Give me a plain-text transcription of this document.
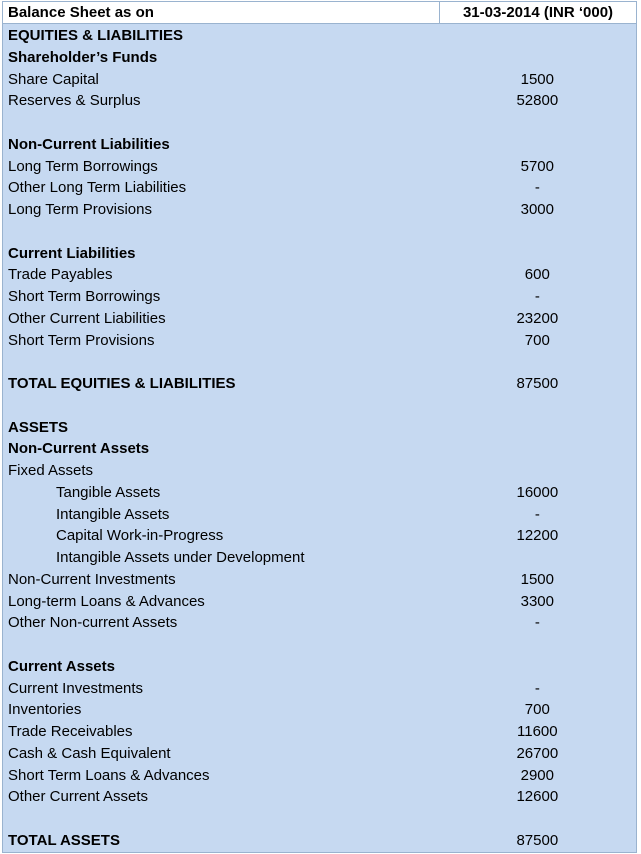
Balance Sheet as on	31-03-2014 (INR ‘000)
EQUITIES & LIABILITIES
Shareholder’s Funds
Share Capital	1500
Reserves & Surplus	52800
Non-Current Liabilities
Long Term Borrowings	5700
Other Long Term Liabilities	-
Long Term Provisions	3000
Current Liabilities
Trade Payables	600
Short Term Borrowings	-
Other Current Liabilities	23200
Short Term Provisions	700
TOTAL EQUITIES & LIABILITIES	87500
ASSETS
Non-Current Assets
Fixed Assets
Tangible Assets	16000
Intangible Assets	-
Capital Work-in-Progress	12200
Intangible Assets under Development
Non-Current Investments	1500
Long-term Loans & Advances	3300
Other Non-current Assets	-
Current Assets
Current Investments	-
Inventories	700
Trade Receivables	11600
Cash & Cash Equivalent	26700
Short Term Loans & Advances	2900
Other Current Assets	12600
TOTAL ASSETS	87500
